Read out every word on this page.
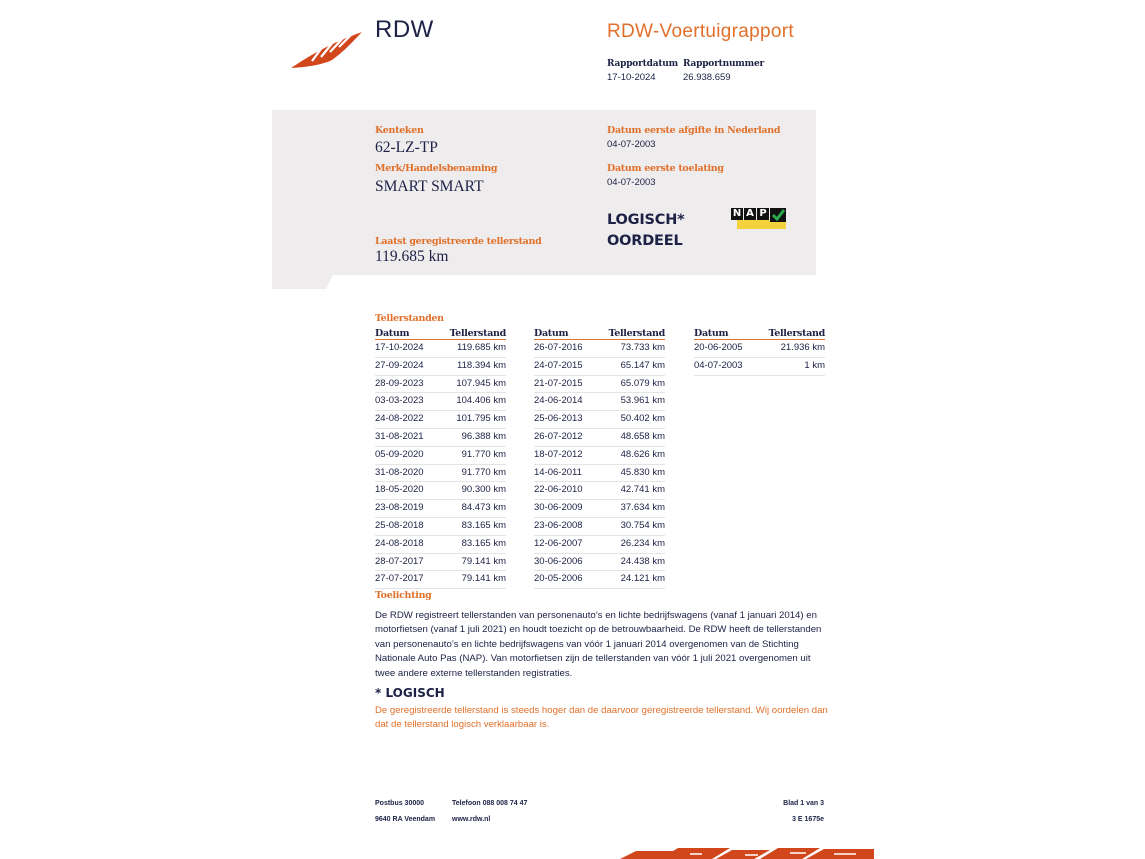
RDW	RDW-Voertuigrapport
Rapportdatum
17-10-2024
Rapportnummer
26.938.659
Kenteken
62-LZ-TP
Merk/Handelsbenaming
SMART SMART
Laatst geregistreerde tellerstand
119.685 km
Datum eerste afgifte in Nederland
04-07-2003
Datum eerste toelating
04-07-2003
LOGISCH*
OORDEEL
N A P
Tellerstanden
Datum	Tellerstand
17-10-2024	119.685 km
27-09-2024	118.394 km
28-09-2023	107.945 km
03-03-2023	104.406 km
24-08-2022	101.795 km
31-08-2021	96.388 km
05-09-2020	91.770 km
31-08-2020	91.770 km
18-05-2020	90.300 km
23-08-2019	84.473 km
25-08-2018	83.165 km
24-08-2018	83.165 km
28-07-2017	79.141 km
27-07-2017	79.141 km
Datum	Tellerstand
26-07-2016	73.733 km
24-07-2015	65.147 km
21-07-2015	65.079 km
24-06-2014	53.961 km
25-06-2013	50.402 km
26-07-2012	48.658 km
18-07-2012	48.626 km
14-06-2011	45.830 km
22-06-2010	42.741 km
30-06-2009	37.634 km
23-06-2008	30.754 km
12-06-2007	26.234 km
30-06-2006	24.438 km
20-05-2006	24.121 km
Datum	Tellerstand
20-06-2005	21.936 km
04-07-2003	1 km
Toelichting
De RDW registreert tellerstanden van personenauto’s en lichte bedrijfswagens (vanaf 1 januari 2014) en motorfietsen (vanaf 1 juli 2021) en houdt toezicht op de betrouwbaarheid. De RDW heeft de tellerstanden van personenauto’s en lichte bedrijfswagens van vóór 1 januari 2014 overgenomen van de Stichting Nationale Auto Pas (NAP). Van motorfietsen zijn de tellerstanden van vóór 1 juli 2021 overgenomen uit twee andere externe tellerstanden registraties.
* LOGISCH
De geregistreerde tellerstand is steeds hoger dan de daarvoor geregistreerde tellerstand. Wij oordelen dan dat de tellerstand logisch verklaarbaar is.
Postbus 30000
9640 RA Veendam
Telefoon 088 008 74 47
www.rdw.nl
Blad 1 van 3
3 E 1675e
